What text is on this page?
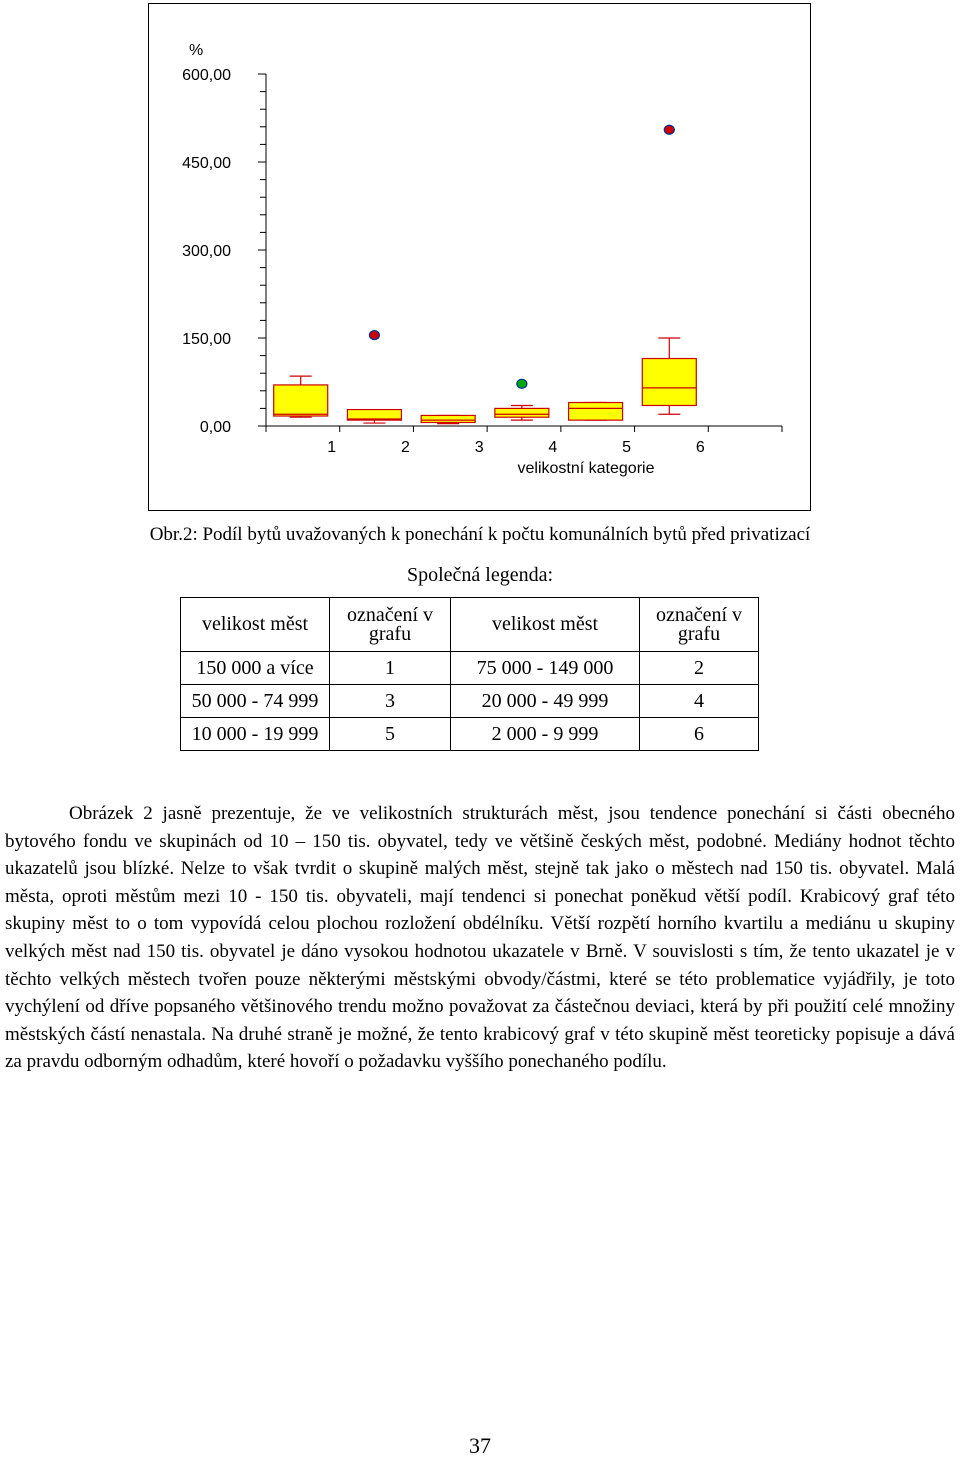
%
600,00
450,00
300,00
150,00
0,00
1	2	3	4	5	6
velikostní kategorie
Obr.2: Podíl bytů uvažovaných k ponechání k počtu komunálních bytů před privatizací
Společná legenda:
velikost měst	označení v grafu	velikost měst	označení v grafu
150 000 a více	1	75 000 - 149 000	2
50 000 - 74 999	3	20 000 - 49 999	4
10 000 - 19 999	5	2 000 - 9 999	6

Obrázek 2 jasně prezentuje, že ve velikostních strukturách měst, jsou tendence ponechání si části obecného bytového fondu ve skupinách od 10 – 150 tis. obyvatel, tedy ve většině českých měst, podobné. Mediány hodnot těchto ukazatelů jsou blízké. Nelze to však tvrdit o skupině malých měst, stejně tak jako o městech nad 150 tis. obyvatel. Malá města, oproti městům mezi 10 - 150 tis. obyvateli, mají tendenci si ponechat poněkud větší podíl. Krabicový graf této skupiny měst to o tom vypovídá celou plochou rozložení obdélníku. Větší rozpětí horního kvartilu a mediánu u skupiny velkých měst nad 150 tis. obyvatel je dáno vysokou hodnotou ukazatele v Brně. V souvislosti s tím, že tento ukazatel je v těchto velkých městech tvořen pouze některými městskými obvody/částmi, které se této problematice vyjádřily, je toto vychýlení od dříve popsaného většinového trendu možno považovat za částečnou deviaci, která by při použití celé množiny městských částí nenastala. Na druhé straně je možné, že tento krabicový graf v této skupině měst teoreticky popisuje a dává za pravdu odborným odhadům, které hovoří o požadavku vyššího ponechaného podílu.

37
